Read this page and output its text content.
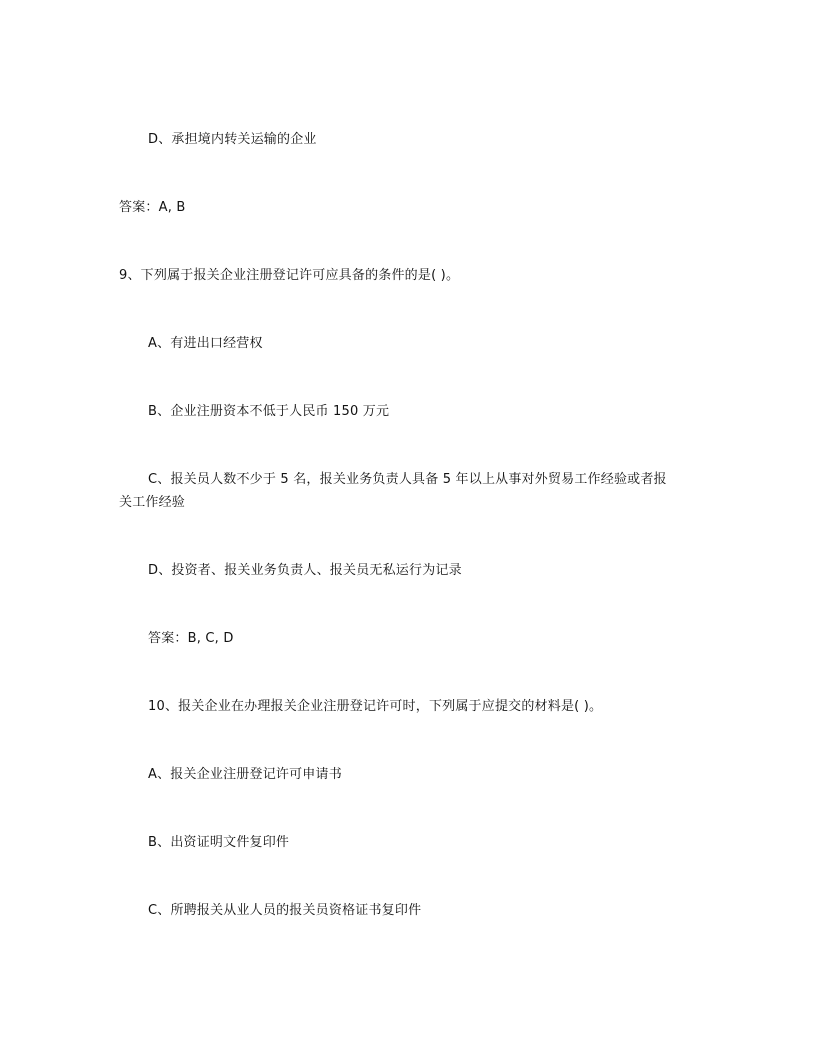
D、承担境内转关运输的企业
答案：A, B
9、下列属于报关企业注册登记许可应具备的条件的是( )。
A、有进出口经营权
B、企业注册资本不低于人民币 150 万元
C、报关员人数不少于 5 名，报关业务负责人具备 5 年以上从事对外贸易工作经验或者报
关工作经验
D、投资者、报关业务负责人、报关员无私运行为记录
答案：B, C, D
10、报关企业在办理报关企业注册登记许可时，下列属于应提交的材料是( )。
A、报关企业注册登记许可申请书
B、出资证明文件复印件
C、所聘报关从业人员的报关员资格证书复印件
